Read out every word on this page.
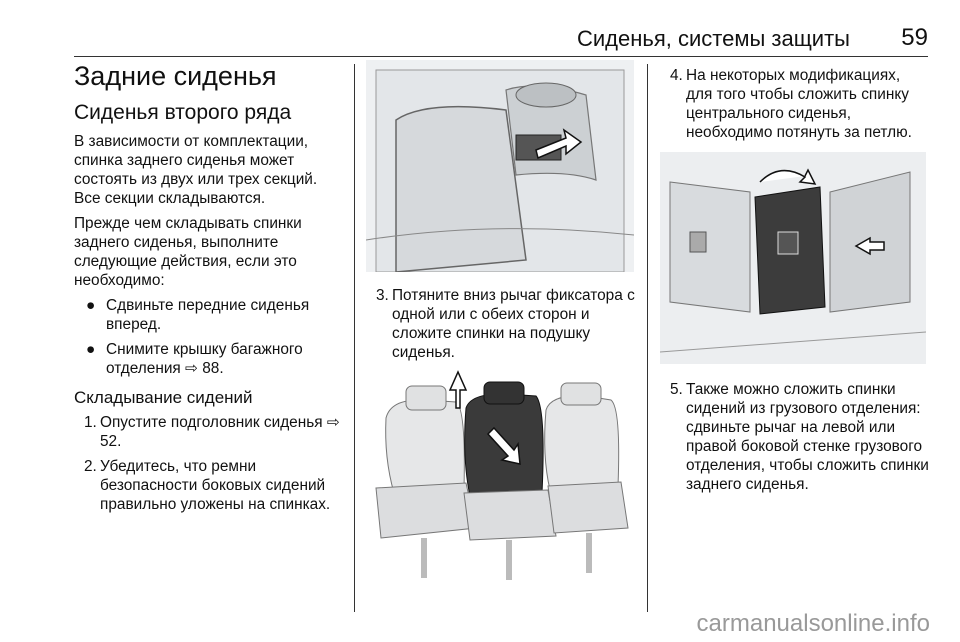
Сиденья, системы защиты 59
Задние сиденья
Сиденья второго ряда

В зависимости от комплектации, спинка заднего сиденья может состоять из двух или трех секций. Все секции складываются.

Прежде чем складывать спинки заднего сиденья, выполните следующие действия, если это необходимо:

● Сдвиньте передние сиденья вперед.
● Снимите крышку багажного отделения ⇨ 88.
Складывание сидений
1. Опустите подголовник сиденья ⇨ 52.
2. Убедитесь, что ремни безопасности боковых сидений правильно уложены на спинках.
3. Потяните вниз рычаг фиксатора с одной или с обеих сторон и сложите спинки на подушку сиденья.
4. На некоторых модификациях, для того чтобы сложить спинку центрального сиденья, необходимо потянуть за петлю.
5. Также можно сложить спинки сидений из грузового отделения: сдвиньте рычаг на левой или правой боковой стенке грузового отделения, чтобы сложить спинки заднего сиденья.
carmanualsonline.info
